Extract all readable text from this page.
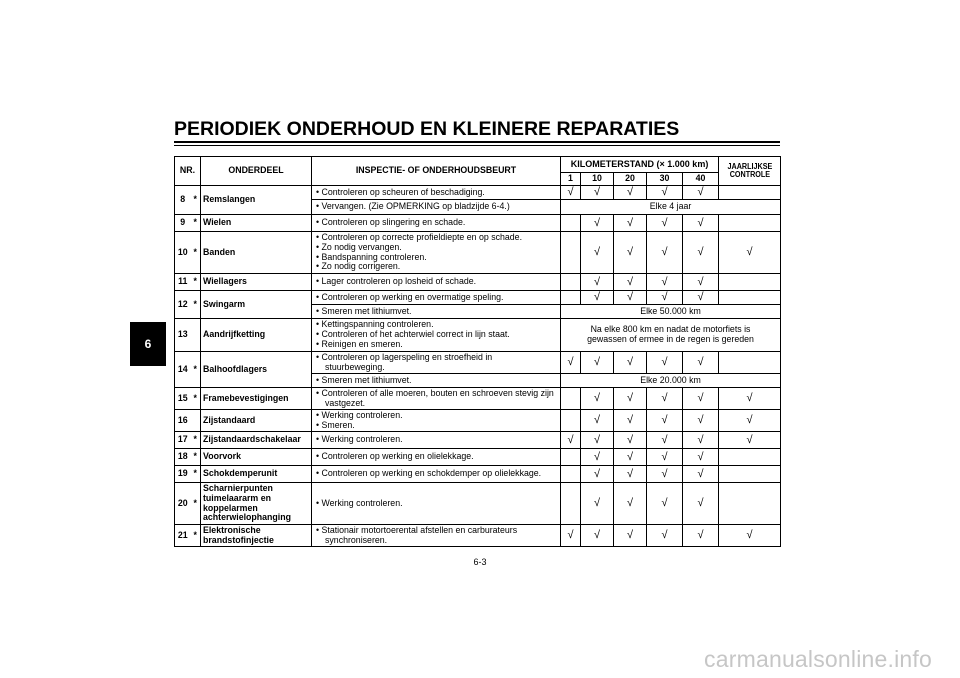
PERIODIEK ONDERHOUD EN KLEINERE REPARATIES
6
NR.		ONDERDEEL	INSPECTIE- OF ONDERHOUDSBEURT	KILOMETERSTAND (× 1.000 km)					JAARLIJKSE
CONTROLE
				1	10	20	30	40	
8	*	Remslangen	• Controleren op scheuren of beschadiging.	√	√	√	√	√	
			• Vervangen. (Zie OPMERKING op bladzijde 6-4.)	Elke 4 jaar					
9	*	Wielen	• Controleren op slingering en schade.		√	√	√	√	
10	*	Banden	• Controleren op correcte profieldiepte en op schade.
• Zo nodig vervangen.
• Bandspanning controleren.
• Zo nodig corrigeren.		√	√	√	√	√
11	*	Wiellagers	• Lager controleren op losheid of schade.		√	√	√	√	
12	*	Swingarm	• Controleren op werking en overmatige speling.		√	√	√	√	
			• Smeren met lithiumvet.	Elke 50.000 km					
13		Aandrijfketting	• Kettingspanning controleren.
• Controleren of het achterwiel correct in lijn staat.
• Reinigen en smeren.	Na elke 800 km en nadat de motorfiets is
gewassen of ermee in de regen is gereden					
14	*	Balhoofdlagers	• Controleren op lagerspeling en stroefheid in
stuurbeweging.	√	√	√	√	√	
			• Smeren met lithiumvet.	Elke 20.000 km					
15	*	Framebevestigingen	• Controleren of alle moeren, bouten en schroeven stevig zijn
vastgezet.		√	√	√	√	√
16		Zijstandaard	• Werking controleren.
• Smeren.		√	√	√	√	√
17	*	Zijstandaardschakelaar	• Werking controleren.	√	√	√	√	√	√
18	*	Voorvork	• Controleren op werking en olielekkage.		√	√	√	√	
19	*	Schokdemperunit	• Controleren op werking en schokdemper op olielekkage.		√	√	√	√	
20	*	Scharnierpunten
tuimelaararm en
koppelarmen
achterwielophanging	• Werking controleren.		√	√	√	√	
21	*	Elektronische
brandstofinjectie	• Stationair motortoerental afstellen en carburateurs
synchroniseren.	√	√	√	√	√	√
6-3
carmanualsonline.info
